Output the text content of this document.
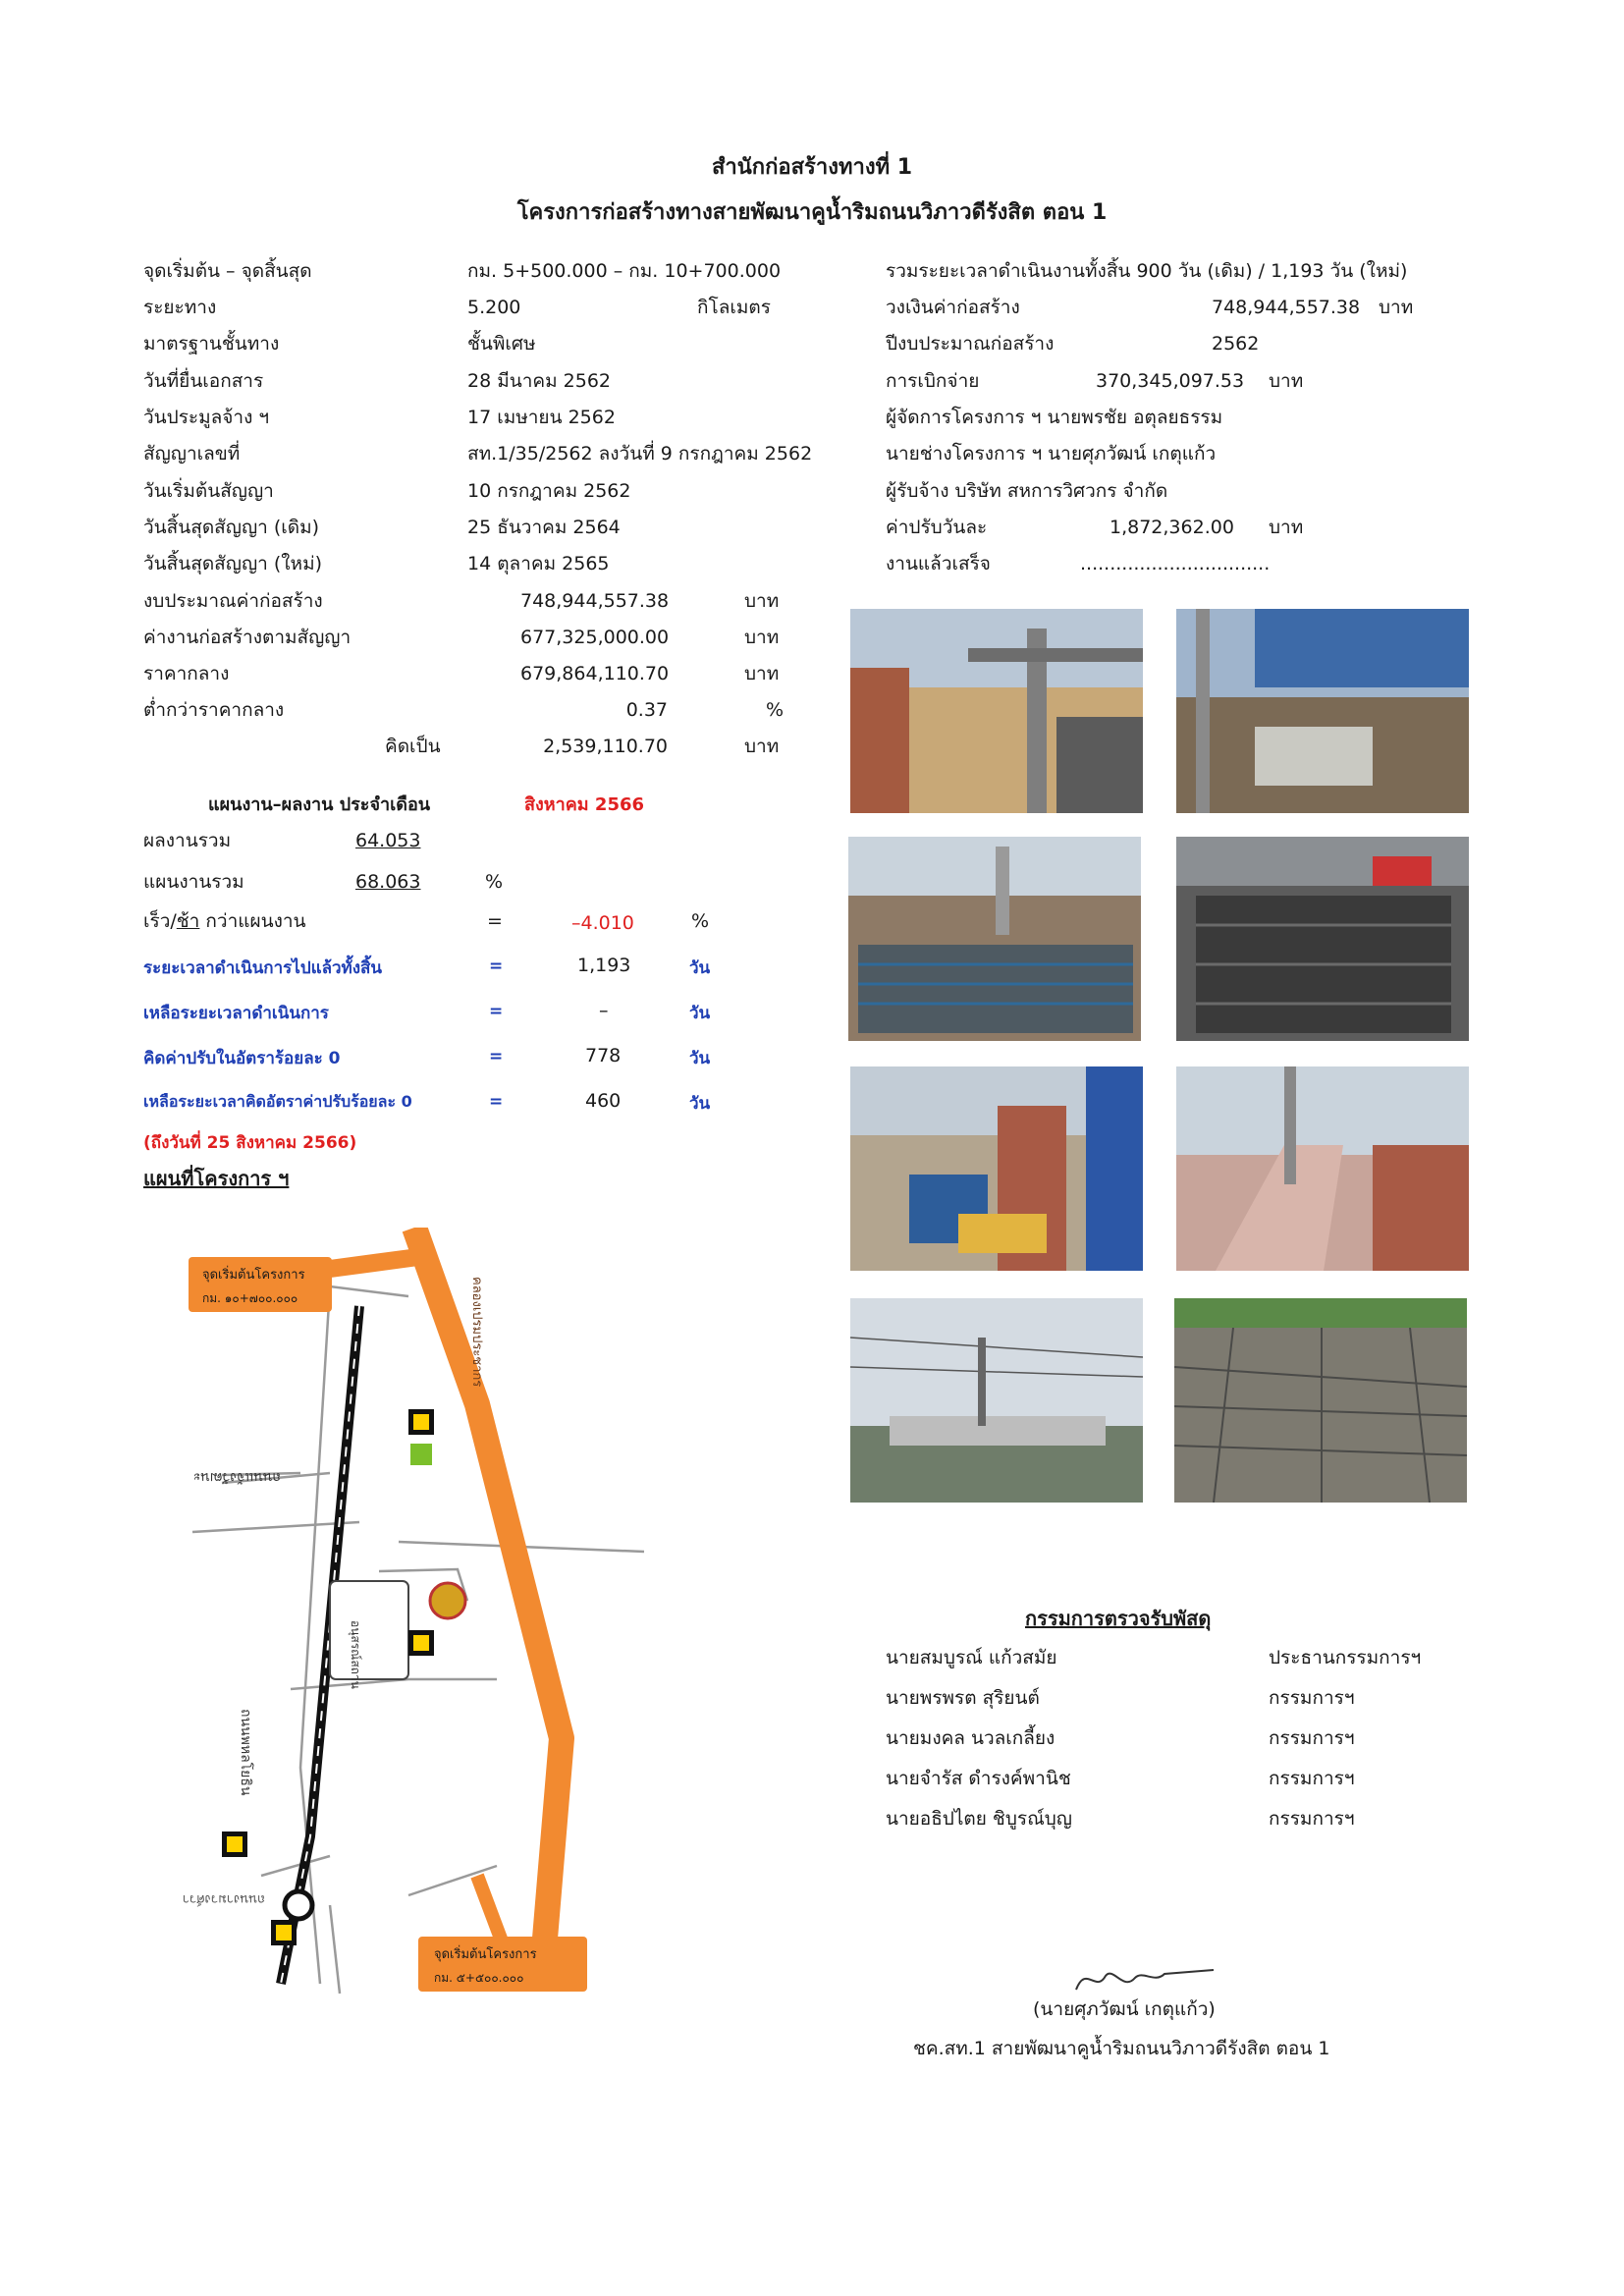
สำนักก่อสร้างทางที่ 1
โครงการก่อสร้างทางสายพัฒนาคูน้ำริมถนนวิภาวดีรังสิต ตอน 1
จุดเริ่มต้น – จุดสิ้นสุด	กม. 5+500.000 – กม. 10+700.000
ระยะทาง	5.200	กิโลเมตร
มาตรฐานชั้นทาง	ชั้นพิเศษ
วันที่ยื่นเอกสาร	28 มีนาคม 2562
วันประมูลจ้าง ฯ	17 เมษายน 2562
สัญญาเลขที่	สท.1/35/2562 ลงวันที่ 9 กรกฎาคม 2562
วันเริ่มต้นสัญญา	10 กรกฎาคม 2562
วันสิ้นสุดสัญญา (เดิม)	25 ธันวาคม 2564
วันสิ้นสุดสัญญา (ใหม่)	14 ตุลาคม 2565
งบประมาณค่าก่อสร้าง	748,944,557.38	บาท
ค่างานก่อสร้างตามสัญญา	677,325,000.00	บาท
ราคากลาง	679,864,110.70	บาท
ต่ำกว่าราคากลาง	0.37	%
คิดเป็น	2,539,110.70	บาท
รวมระยะเวลาดำเนินงานทั้งสิ้น 900 วัน (เดิม) / 1,193 วัน (ใหม่)
วงเงินค่าก่อสร้าง	748,944,557.38 บาท
ปีงบประมาณก่อสร้าง	2562
การเบิกจ่าย	370,345,097.53 บาท
ผู้จัดการโครงการ ฯ นายพรชัย อตุลยธรรม
นายช่างโครงการ ฯ นายศุภวัฒน์ เกตุแก้ว
ผู้รับจ้าง บริษัท สหการวิศวกร จำกัด
ค่าปรับวันละ	1,872,362.00 บาท
งานแล้วเสร็จ	................................
แผนงาน–ผลงาน ประจำเดือน	สิงหาคม 2566
ผลงานรวม	64.053
แผนงานรวม	68.063	%
เร็ว/ช้า กว่าแผนงาน	=	–4.010	%
ระยะเวลาดำเนินการไปแล้วทั้งสิ้น	=	1,193	วัน
เหลือระยะเวลาดำเนินการ	=	–	วัน
คิดค่าปรับในอัตราร้อยละ 0	=	778	วัน
เหลือระยะเวลาคิดอัตราค่าปรับร้อยละ 0	=	460	วัน
(ถึงวันที่ 25 สิงหาคม 2566)
แผนที่โครงการ ฯ
ถนนงามวงศ์วาน
อนุสรณ์สถาน
คลองเปรมประชากร
ถนนพหลโยธิน
ถนนแจ้งวัฒนะ
จุดเริ่มต้นโครงการ
กม. ๑๐+๗๐๐.๐๐๐
จุดเริ่มต้นโครงการ
กม. ๕+๕๐๐.๐๐๐
กรรมการตรวจรับพัสดุ
นายสมบูรณ์ แก้วสมัย	ประธานกรรมการฯ
นายพรพรต สุริยนต์	กรรมการฯ
นายมงคล นวลเกลี้ยง	กรรมการฯ
นายจำรัส ดำรงค์พานิช	กรรมการฯ
นายอธิปไตย ชิบูรณ์บุญ	กรรมการฯ
(นายศุภวัฒน์ เกตุแก้ว)
ชค.สท.1 สายพัฒนาคูน้ำริมถนนวิภาวดีรังสิต ตอน 1
